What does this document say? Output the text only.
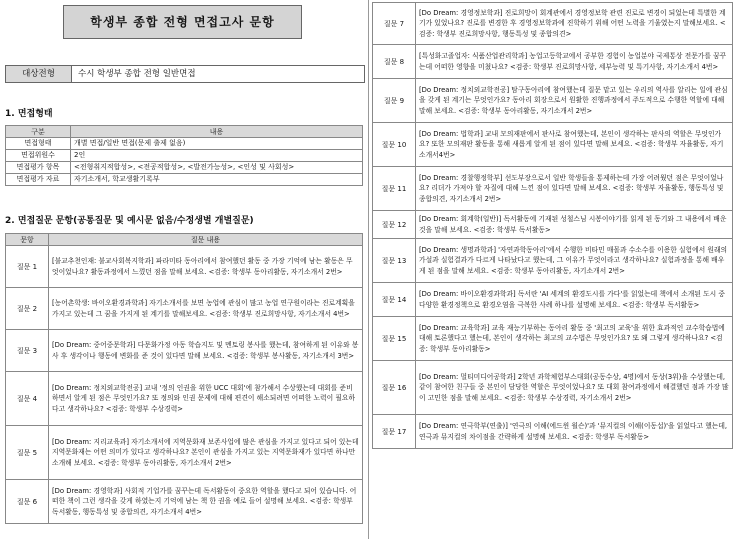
학생부 종합 전형 면접고사 문항
대상전형	수시 학생부 종합 전형 일반면접
1. 면접형태
구분	내용
면접형태	개별 면접/일반 면접(문제 출제 없음)
면접위원수	2인
면접평가 항목	<전형취지적합성>, <전공적합성>, <발전가능성>, <인성 및 사회성>
면접평가 자료	자기소개서, 학교생활기록부
2. 면접질문 문항(공통질문 및 예시문 없음/수정생별 개별질문)
문항	질문 내용
질문 1	[불교추천인재: 불교사회복지학과] 파라미타 동아리에서 참여했던 활동 중 가장 기억에 남는 활동은 무엇이었나요? 활동과정에서 느꼈던 점을 말해 보세요. <검증: 학생부 동아리활동, 자기소개서 2번>
질문 2	[농어촌학생: 바이오환경과학과] 자기소개서를 보면 농업에 관심이 많고 농업 연구원이라는 진로계획을 가지고 있는데 그 꿈을 가지게 된 계기를 말해보세요. <검증: 학생부 진로희망사항, 자기소개서 4번>
질문 3	[Do Dream: 중어중문학과] 다문화가정 아동 학습지도 및 멘토링 봉사를 했는데, 참여하게 된 이유와 봉사 후 생각이나 행동에 변화를 준 것이 있다면 말해 보세요. <검증: 학생부 봉사활동, 자기소개서 3번>
질문 4	[Do Dream: 정치외교학전공] 교내 '정의 인권을 위한 UCC 대회'에 참가해서 수상했는데 대회를 준비하면서 알게 된 점은 무엇인가요? 또 정의와 인권 문제에 대해 편견이 해소되려면 어떠한 노력이 필요하다고 생각하나요? <검증: 학생부 수상경력>
질문 5	[Do Dream: 지리교육과] 자기소개서에 지역문화재 보존사업에 많은 관심을 가지고 있다고 되어 있는데 지역문화재는 어떤 의미가 있다고 생각하나요? 본인이 관심을 가지고 있는 지역문화재가 있다면 하나만 소개해 보세요. <검증: 학생부 동아리활동, 자기소개서 2번>
질문 6	[Do Dream: 경영학과] 사회적 기업가를 꿈꾸는데 독서활동이 중요한 역할을 했다고 되어 있습니다. 어떠한 책이 그런 생각을 갖게 하였는지 기억에 남는 책 한 권을 예로 들어 설명해 보세요. <검증: 학생부 독서활동, 행동특성 및 종합의견, 자기소개서 4번>
질문 7	[Do Dream: 경영정보학과] 진로희망이 회계관에서 경영정보학 관련 진로로 변경이 되었는데 특별한 계기가 있었나요? 진로를 변경한 후 경영정보학과에 진학하기 위해 어떤 노력을 기울였는지 말해보세요. <검증: 학생부 진로희망사항, 행동특성 및 종합의견>
질문 8	[특성화고졸업자: 식품산업관리학과] 농업고등학교에서 공부한 경험이 농업분야 국제통상 전문가를 꿈꾸는데 어떠한 영향을 미쳤나요? <검증: 학생부 진로희망사항, 세부능력 및 특기사항, 자기소개서 4번>
질문 9	[Do Dream: 정치외교학전공] 탐구동아리에 참여했는데 질문 맡고 있는 우리의 역사를 알리는 일에 관심을 갖게 된 계기는 무엇인가요? 동아리 회장으로서 원활한 진행과정에서 주도적으로 수행한 역할에 대해 말해 보세요. <검증: 학생부 동아리활동, 자기소개서 2번>
질문 10	[Do Dream: 법학과] 교내 모의재판에서 판사로 참여했는데, 본인이 생각하는 판사의 역할은 무엇인가요? 또한 모의재판 활동을 통해 새롭게 알게 된 점이 있다면 말해 보세요. <검증: 학생부 자율활동, 자기소개서4번>
질문 11	[Do Dream: 경찰행정학부] 선도부장으로서 일반 학생들을 통제하는데 가장 어려웠던 점은 무엇이었나요? 리더가 가져야 할 자질에 대해 느낀 점이 있다면 말해 보세요. <검증: 학생부 자율활동, 행동특성 및 종합의견, 자기소개서 2번>
질문 12	[Do Dream: 회계학(일반)] 독서활동에 기재된 성철스님 시봉이야기를 읽게 된 동기와 그 내용에서 배운 것을 말해 보세요. <검증: 학생부 독서활동>
질문 13	[Do Dream: 생명과학과] '자연과학동아리'에서 수행한 비타민 매몰과 수소수를 이용한 실험에서 원래의 가설과 실험결과가 다르게 나타났다고 했는데, 그 이유가 무엇이라고 생각하나요? 실험과정을 통해 배우게 된 점을 말해 보세요. <검증: 학생부 동아리활동, 자기소개서 2번>
질문 14	[Do Dream: 바이오환경과학과] 독서란 'AI 세계의 환경도시를 가다'를 읽었는데 책에서 소개된 도시 중 다양한 환경정책으로 환경오염을 극복한 사례 하나를 설명해 보세요. <검증: 학생부 독서활동>
질문 15	[Do Dream: 교육학과] 교육 재능기부하는 동아리 활동 중 '최고의 교육'을 위한 효과적인 교수학습법에 대해 토론했다고 했는데, 본인이 생각하는 최고의 교수법은 무엇인가요? 또 왜 그렇게 생각하나요? <검증: 학생부 동아리활동>
질문 16	[Do Dream: 멀티미디어공학과] 2학년 과학체험부스대회(공동수상, 4명)에서 동상(3위)을 수상했는데, 같이 참여한 친구들 중 본인이 담당한 역할은 무엇이었나요? 또 대회 참여과정에서 해결했던 점과 가장 많이 고민한 점을 말해 보세요. <검증: 학생부 수상경력, 자기소개서 2번>
질문 17	[Do Dream: 연극학부(연출)] '연극의 이해(에드윈 윌슨)'과 '뮤지컬의 이해(이동섭)'을 읽었다고 했는데, 연극과 뮤지컬의 차이점을 간략하게 설명해 보세요. <검증: 학생부 독서활동>
